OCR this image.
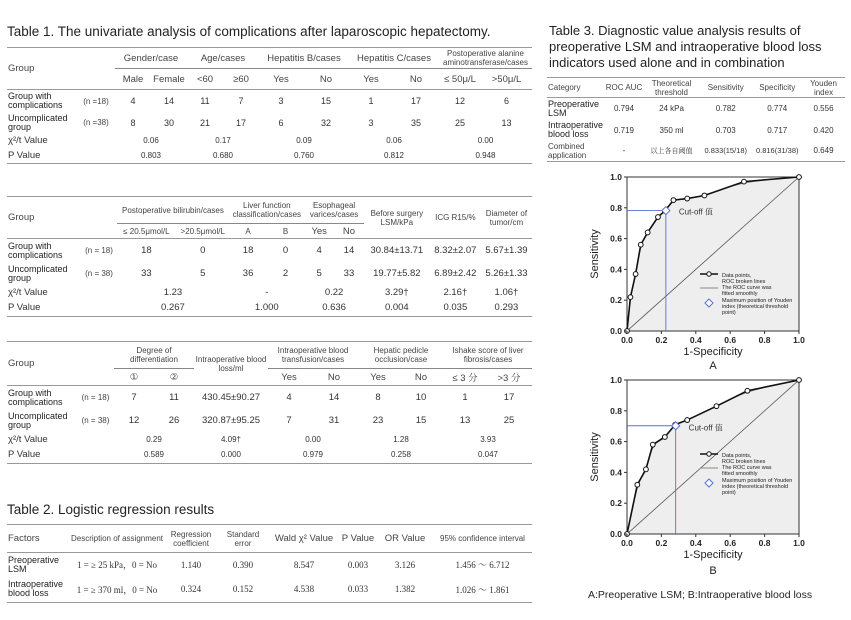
Table 1. The univariate analysis of complications after laparoscopic hepatectomy.
Group		Gender/case		Age/cases		Hepatitis B/cases		Hepatitis C/cases		Postoperative alanine aminotransferase/cases	
		Male	Female	<60	≥60	Yes	No	Yes	No	≤ 50μ/L	>50μ/L
Group with complications	(n =18)	4	14	11	7	3	15	1	17	12	6
Uncomplicated group	(n =38)	8	30	21	17	6	32	3	35	25	13
χ²/t Value		0.06		0.17		0.09		0.06		0.00	
P Value		0.803		0.680		0.760		0.812		0.948	
Group		Postoperative bilirubin/cases		Liver function classification/cases		Esophageal varices/cases		Before surgery LSM/kPa	ICG R15/%	Diameter of tumor/cm
		≤ 20.5μmol/L	>20.5μmol/L	A	B	Yes	No			
Group with complications	(n = 18)	18	0	18	0	4	14	30.84±13.71	8.32±2.07	5.67±1.39
Uncomplicated group	(n = 38)	33	5	36	2	5	33	19.77±5.82	6.89±2.42	5.26±1.33
χ²/t Value		1.23		-		0.22		3.29†	2.16†	1.06†
P Value		0.267		1.000		0.636		0.004	0.035	0.293
Group		Degree of differentiation		Intraoperative blood loss/ml	Intraoperative blood transfusion/cases		Hepatic pedicle occlusion/case		Ishake score of liver fibrosis/cases	
		①	②		Yes	No	Yes	No	≤ 3 分	>3 分
Group with complications	(n = 18)	7	11	430.45±90.27	4	14	8	10	1	17
Uncomplicated group	(n = 38)	12	26	320.87±95.25	7	31	23	15	13	25
χ²/t Value		0.29		4.09†	0.00		1.28		3.93	
P Value		0.589		0.000	0.979		0.258		0.047	
Table 2. Logistic regression results
Factors	Description of assignment	Regression coefficient	Standard error	Wald χ² Value	P Value	OR Value	95% confidence interval
Preoperative LSM	1 = ≥ 25 kPa，0 = No	1.140	0.390	8.547	0.003	3.126	1.456 ～ 6.712
Intraoperative blood loss	1 = ≥ 370 ml，0 = No	0.324	0.152	4.538	0.033	1.382	1.026 ～ 1.861
Table 3. Diagnostic value analysis results of preoperative LSM and intraoperative blood loss indicators used alone and in combination
Category	ROC AUC	Theoretical threshold	Sensitivity	Specificity	Youden index
Preoperative LSM	0.794	24 kPa	0.782	0.774	0.556
Intraoperative blood loss	0.719	350 ml	0.703	0.717	0.420
Combined application	-	以上各自阈值	0.833(15/18)	0.816(31/38)	0.649
Cut-off 值
0.0	0.2	0.4	0.6	0.8	1.0
0.0
0.2
0.4
0.6
0.8
1.0
1-Specificity
Sensitivity
A
Data points,
ROC broken lines
The ROC curve was
fitted smoothly
Maximum position of Youden
index (theoretical threshold
point)
Cut-off 值
0.0	0.2	0.4	0.6	0.8	1.0
0.0
0.2
0.4
0.6
0.8
1.0
1-Specificity
Sensitivity
B
Data points,
ROC broken lines
The ROC curve was
fitted smoothly
Maximum position of Youden
index (theoretical threshold
point)
A:Preoperative LSM; B:Intraoperative blood loss
